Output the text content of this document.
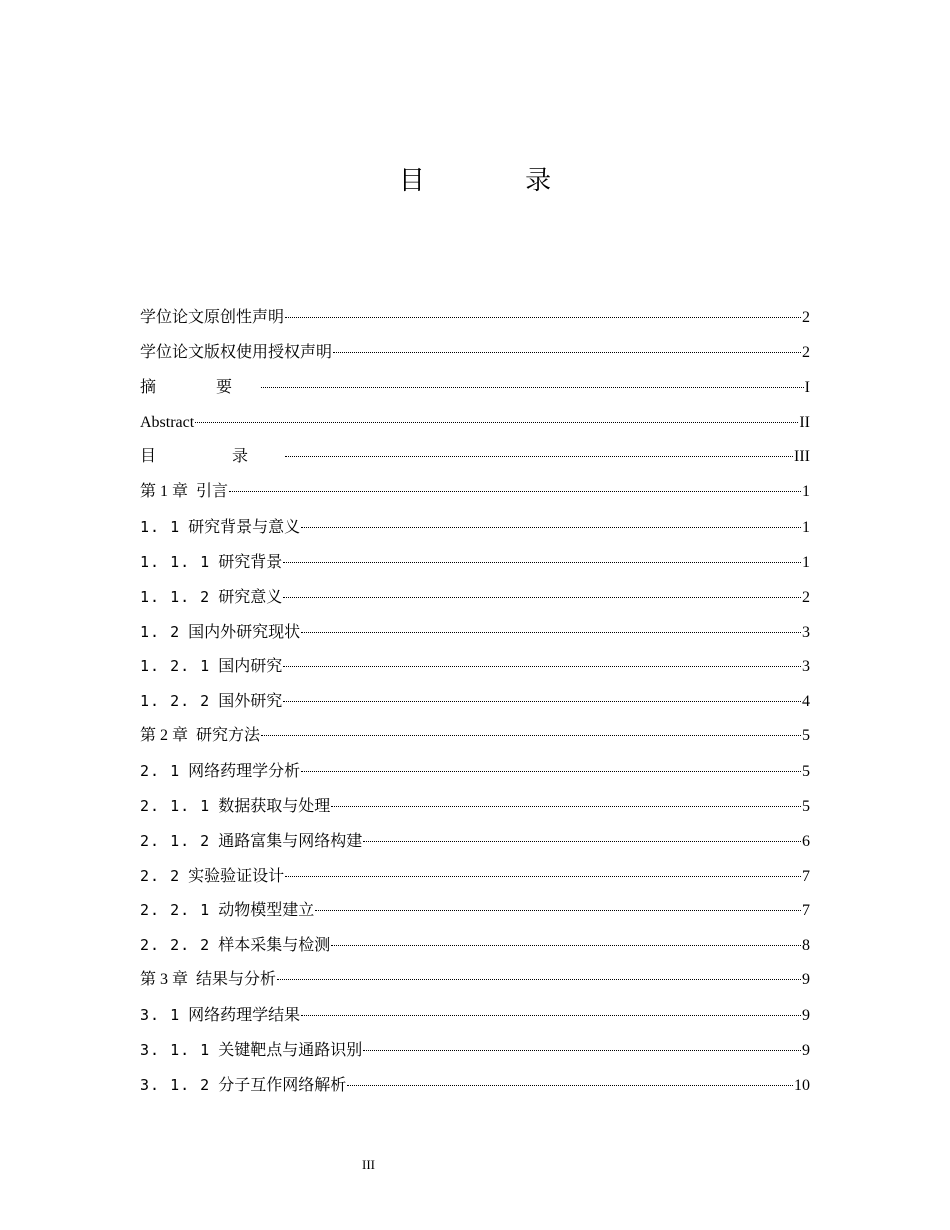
目 录
学位论文原创性声明	2
学位论文版权使用授权声明	2
摘 要	I
Abstract	II
目 录	III
第 1 章 引言	1
1. 1 研究背景与意义	1
1. 1. 1 研究背景	1
1. 1. 2 研究意义	2
1. 2 国内外研究现状	3
1. 2. 1 国内研究	3
1. 2. 2 国外研究	4
第 2 章 研究方法	5
2. 1 网络药理学分析	5
2. 1. 1 数据获取与处理	5
2. 1. 2 通路富集与网络构建	6
2. 2 实验验证设计	7
2. 2. 1 动物模型建立	7
2. 2. 2 样本采集与检测	8
第 3 章 结果与分析	9
3. 1 网络药理学结果	9
3. 1. 1 关键靶点与通路识别	9
3. 1. 2 分子互作网络解析	10
III
